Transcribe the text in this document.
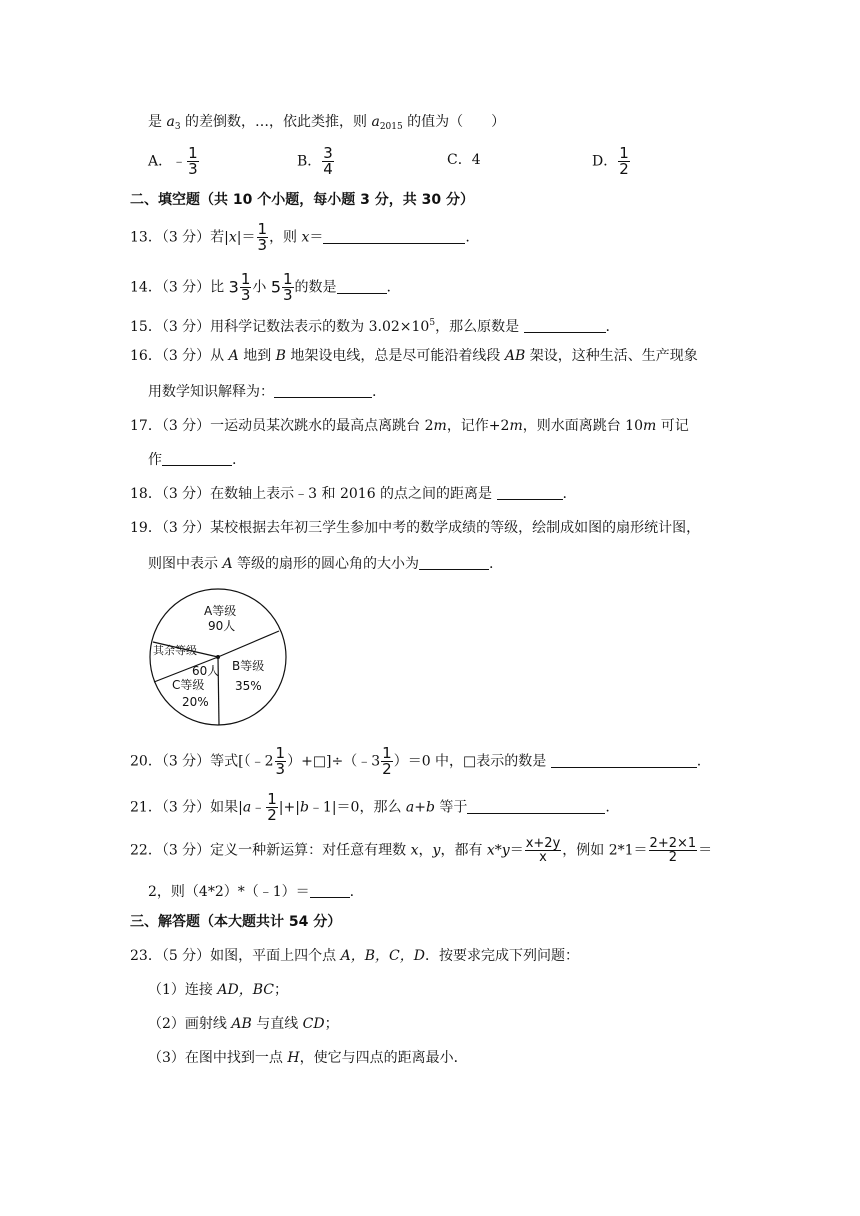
是 $a_3$ 的差倒数，…，依此类推，则 $a_{2015}$ 的值为（　　）
A．﹣ $\frac{1}{3}$	B． $\frac{3}{4}$	C．4	D． $\frac{1}{2}$
二、填空题（共 10 个小题，每小题 3 分，共 30 分）
13．（3 分）若$|x|= \frac{1}{3}$ ，则 x＝	.
14．（3 分）比 $3 \frac{1}{3}$ 小 $5 \frac{1}{3}$ 的数是	.
15．（3 分）用科学记数法表示的数为 $3.02\times 10^5$，那么原数是	.
16．（3 分）从 A 地到 B 地架设电线，总是尽可能沿着线段 AB 架设，这种生活、生产现象
用数学知识解释为：	.
17．（3 分）一运动员某次跳水的最高点离跳台 2m，记作+2m，则水面离跳台 10m 可记
作	.
18．（3 分）在数轴上表示﹣3 和 2016 的点之间的距离是	.
19．（3 分）某校根据去年初三学生参加中考的数学成绩的等级，绘制成如图的扇形统计图，
则图中表示 A 等级的扇形的圆心角的大小为	.
A等级
90人
其余等级
60人 B等级
35%
C等级
20%
20．（3 分）等式[（﹣2 $\frac{1}{3}$ ）+□]÷（﹣3 $\frac{1}{2} )=0$ 中，□表示的数是	.
21．（3 分）如果|a﹣ $\frac{1}{2}$ |+|b﹣1|＝0，那么 a+b 等于	.
22．（3 分）定义一种新运算：对任意有理数 x，y，都有 $x*y= \frac{x+2y}{x}$ ，例如 $2*1= \frac{2+2\times 1}{2}$ ＝
2，则（4*2）*（﹣1）＝	.
三、解答题（本大题共计 54 分）
23．（5 分）如图，平面上四个点 A，B，C，D．按要求完成下列问题：
（1）连接 AD，BC；
（2）画射线 AB 与直线 CD；
（3）在图中找到一点 H，使它与四点的距离最小．
